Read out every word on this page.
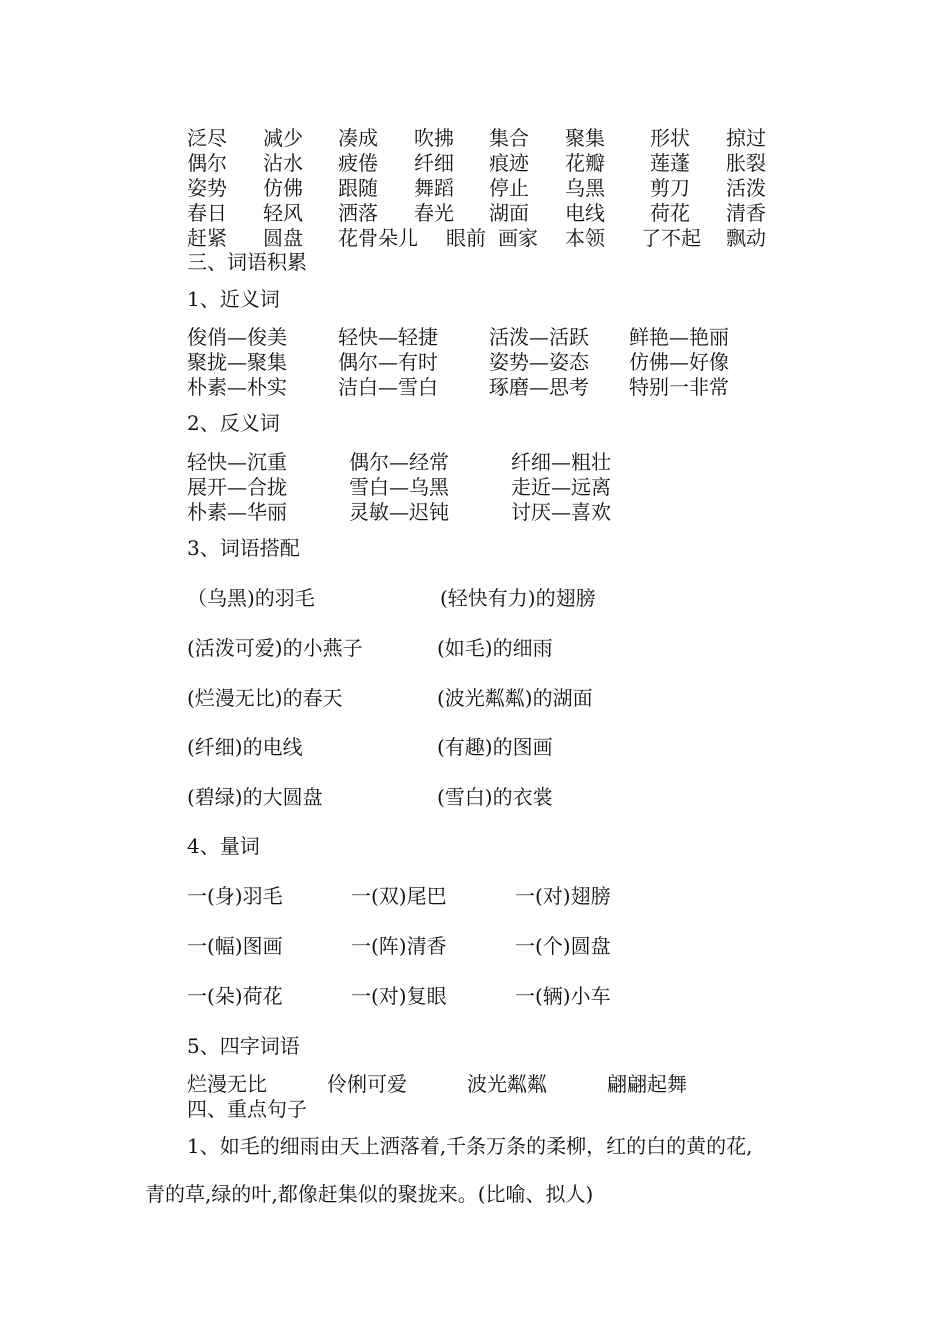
泛尽 减少 凑成 吹拂 集合 聚集 形状 掠过
偶尔 沾水 疲倦 纤细 痕迹 花瓣 莲蓬 胀裂
姿势 仿佛 跟随 舞蹈 停止 乌黑 剪刀 活泼
春日 轻风 洒落 春光 湖面 电线 荷花 清香
赶紧 圆盘 花骨朵儿 眼前 画家 本领 了不起 飘动
三、词语积累
1、近义词
俊俏—俊美	轻快—轻捷	活泼—活跃 鲜艳—艳丽
聚拢—聚集	偶尔—有时	姿势—姿态 仿佛—好像
朴素—朴实	洁白—雪白	琢磨—思考 特别一非常
2、反义词
轻快—沉重	偶尔—经常	纤细—粗壮
展开—合拢	雪白—乌黑	走近—远离
朴素—华丽	灵敏—迟钝	讨厌—喜欢
3、词语搭配
（乌黑)的羽毛	(轻快有力)的翅膀
(活泼可爱)的小燕子	(如毛)的细雨
(烂漫无比)的春天	(波光粼粼)的湖面
(纤细)的电线	(有趣)的图画
(碧绿)的大圆盘	(雪白)的衣裳
4、量词
一(身)羽毛	一(双)尾巴	一(对)翅膀
一(幅)图画	一(阵)清香	一(个)圆盘
一(朵)荷花	一(对)复眼	一(辆)小车
5、四字词语
烂漫无比	伶俐可爱	波光粼粼	翩翩起舞
四、重点句子
1、如毛的细雨由天上洒落着,千条万条的柔柳，红的白的黄的花,
青的草,绿的叶,都像赶集似的聚拢来。(比喻、拟人)
